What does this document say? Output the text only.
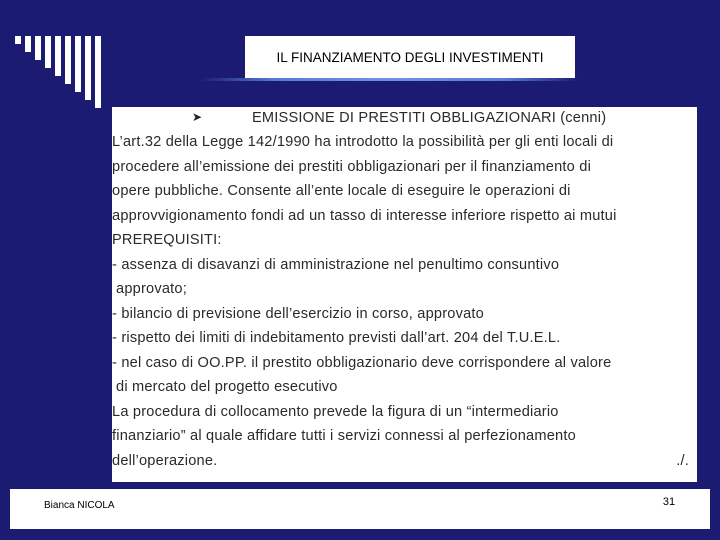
IL FINANZIAMENTO DEGLI INVESTIMENTI
➤	EMISSIONE DI PRESTITI OBBLIGAZIONARI (cenni)
L’art.32 della Legge 142/1990 ha introdotto la possibilità per gli enti locali di
procedere all’emissione dei prestiti obbligazionari per il finanziamento di
opere pubbliche. Consente all’ente locale di eseguire le operazioni di
approvvigionamento fondi ad un tasso di interesse inferiore rispetto ai mutui
PREREQUISITI:
- assenza di disavanzi di amministrazione nel penultimo consuntivo
approvato;
- bilancio di previsione dell’esercizio in corso, approvato
- rispetto dei limiti di indebitamento previsti dall’art. 204 del T.U.E.L.
- nel caso di OO.PP. il prestito obbligazionario deve corrispondere al valore
di mercato del progetto esecutivo
La procedura di collocamento prevede la figura di un “intermediario
finanziario” al quale affidare tutti i servizi connessi al perfezionamento
dell’operazione.	./.
Bianca NICOLA	31
